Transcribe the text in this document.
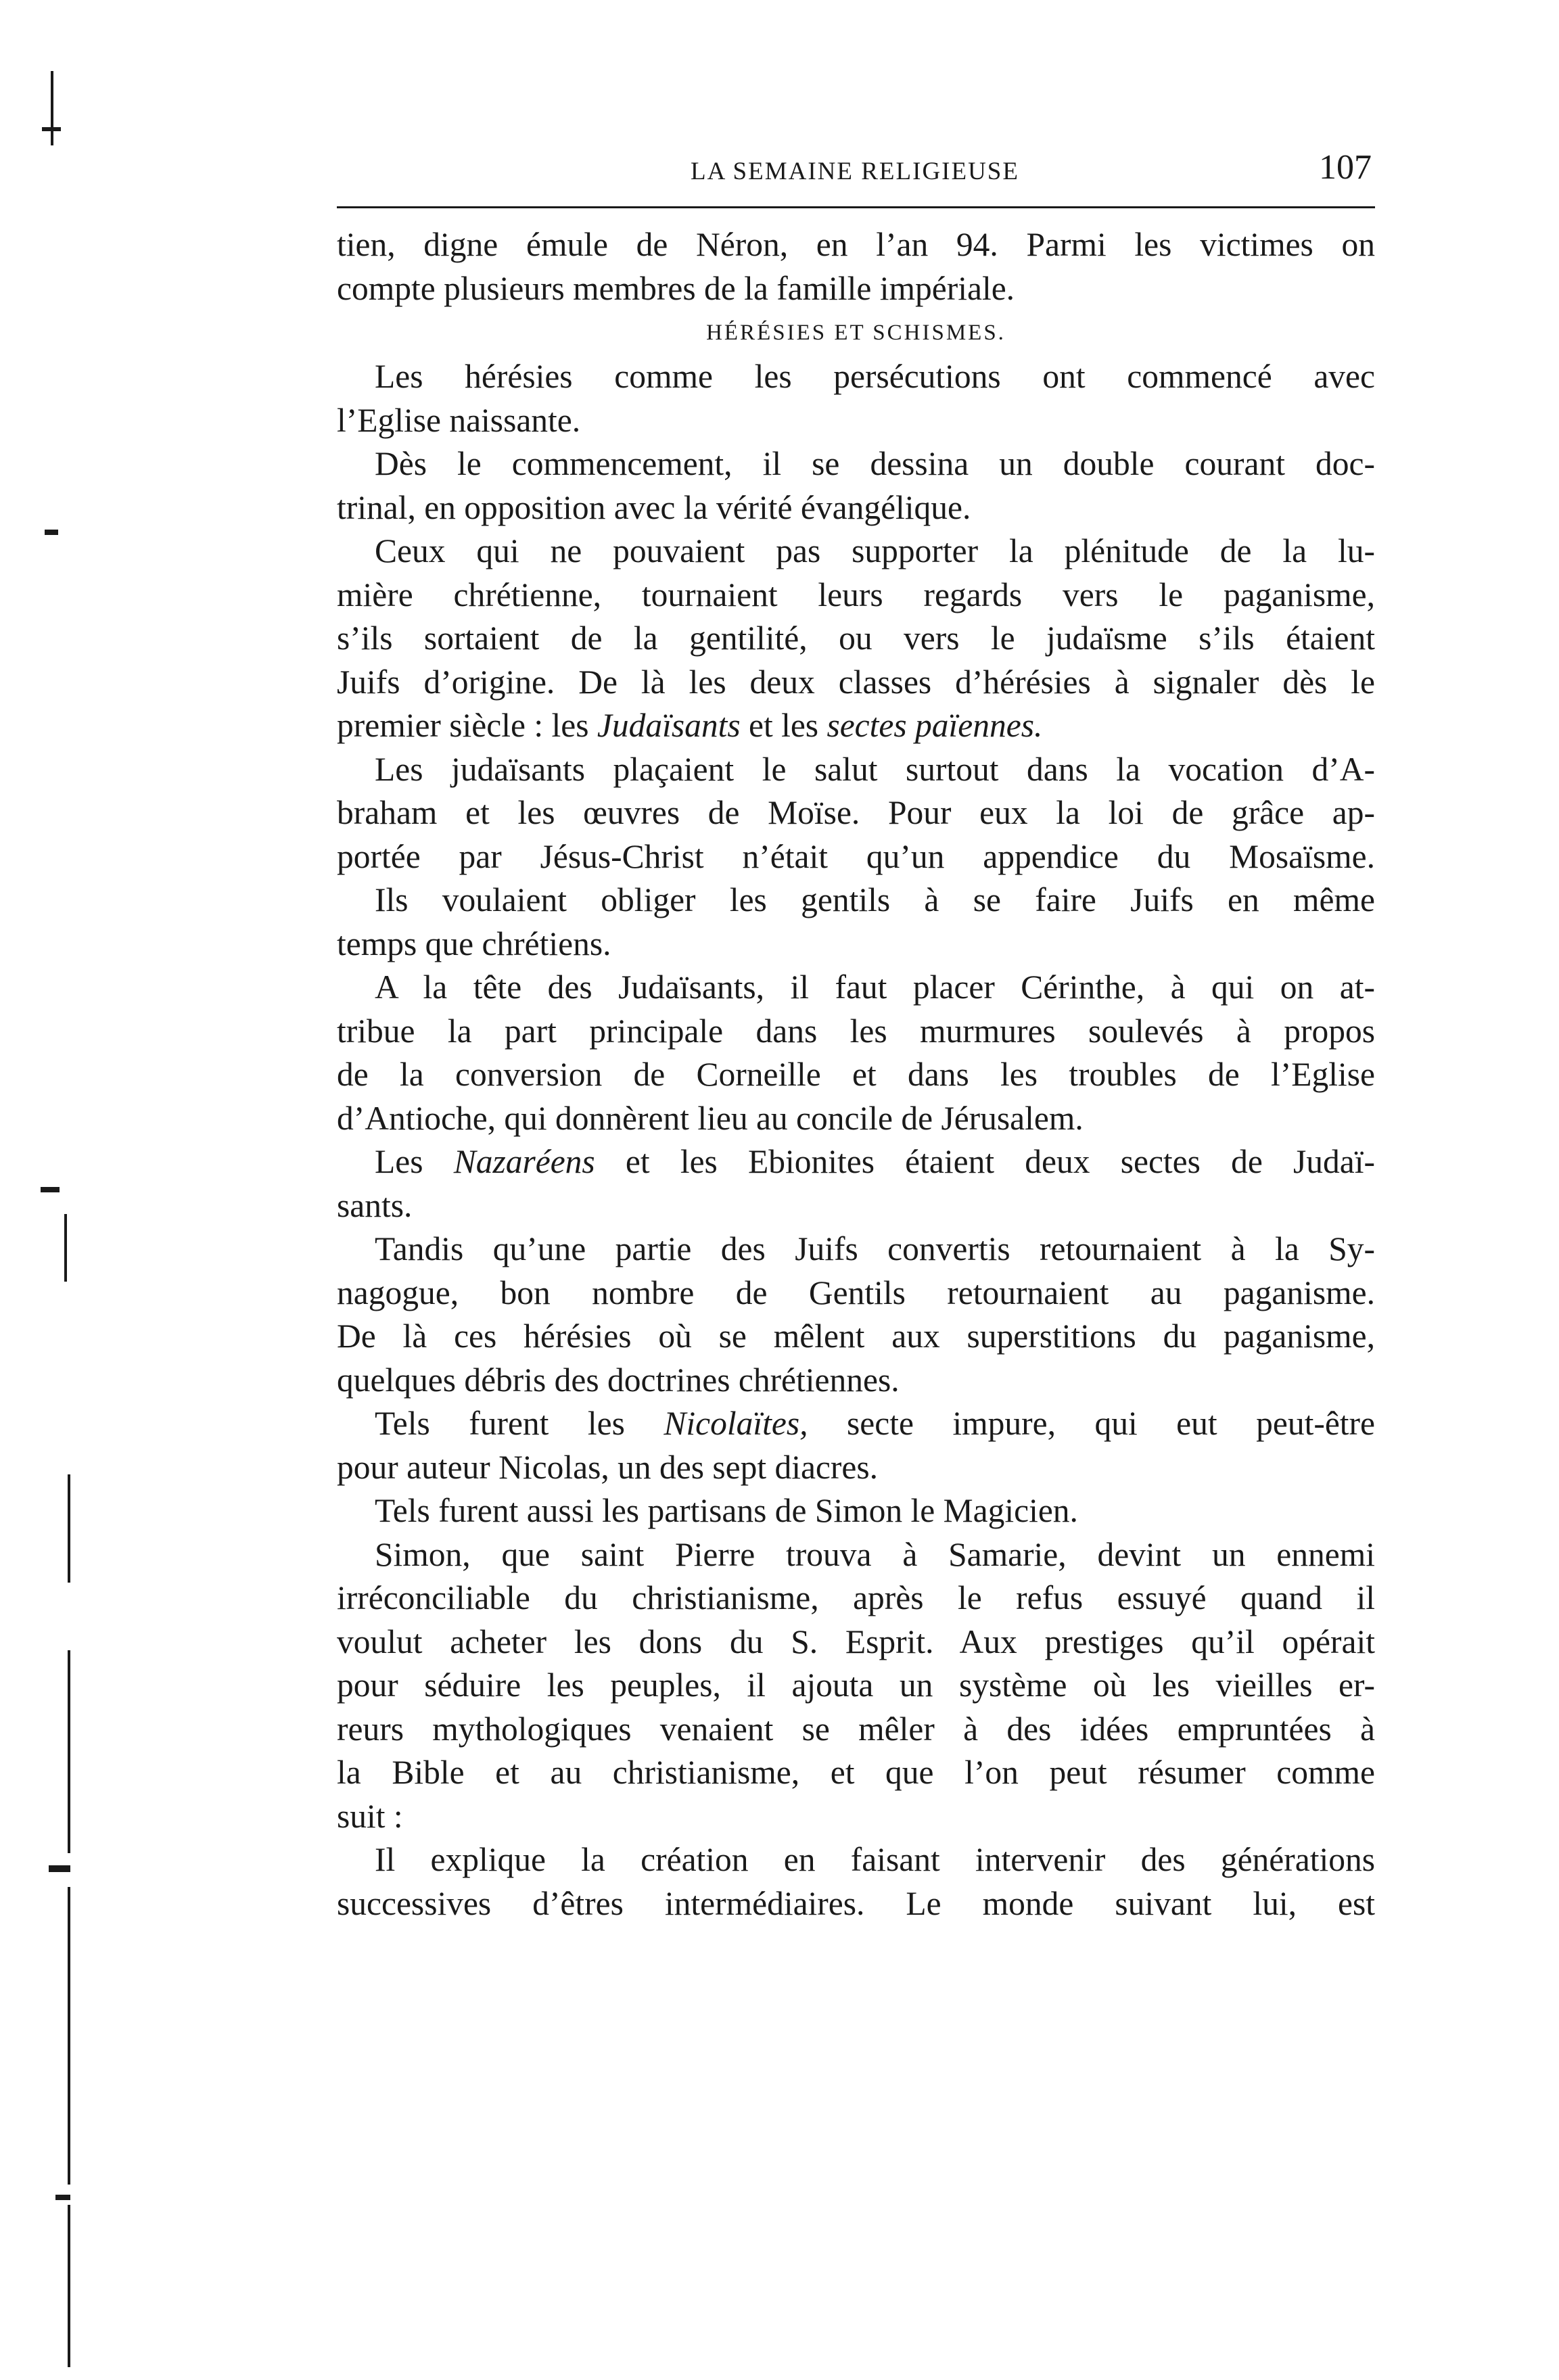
LA SEMAINE RELIGIEUSE	107

tien, digne émule de Néron, en l’an 94. Parmi les victimes on

compte plusieurs membres de la famille impériale.

HÉRÉSIES ET SCHISMES.

Les hérésies comme les persécutions ont commencé avec

l’Eglise naissante.

Dès le commencement, il se dessina un double courant doc-

trinal, en opposition avec la vérité évangélique.

Ceux qui ne pouvaient pas supporter la plénitude de la lu-

mière chrétienne, tournaient leurs regards vers le paganisme,

s’ils sortaient de la gentilité, ou vers le judaïsme s’ils étaient

Juifs d’origine. De là les deux classes d’hérésies à signaler dès le

premier siècle : les Judaïsants et les sectes païennes.

Les judaïsants plaçaient le salut surtout dans la vocation d’A-

braham et les œuvres de Moïse. Pour eux la loi de grâce ap-

portée par Jésus-Christ n’était qu’un appendice du Mosaïsme.

Ils voulaient obliger les gentils à se faire Juifs en même

temps que chrétiens.

A la tête des Judaïsants, il faut placer Cérinthe, à qui on at-

tribue la part principale dans les murmures soulevés à propos

de la conversion de Corneille et dans les troubles de l’Eglise

d’Antioche, qui donnèrent lieu au concile de Jérusalem.

Les Nazaréens et les Ebionites étaient deux sectes de Judaï-

sants.

Tandis qu’une partie des Juifs convertis retournaient à la Sy-

nagogue, bon nombre de Gentils retournaient au paganisme.

De là ces hérésies où se mêlent aux superstitions du paganisme,

quelques débris des doctrines chrétiennes.

Tels furent les Nicolaïtes, secte impure, qui eut peut-être

pour auteur Nicolas, un des sept diacres.

Tels furent aussi les partisans de Simon le Magicien.

Simon, que saint Pierre trouva à Samarie, devint un ennemi

irréconciliable du christianisme, après le refus essuyé quand il

voulut acheter les dons du S. Esprit. Aux prestiges qu’il opérait

pour séduire les peuples, il ajouta un système où les vieilles er-

reurs mythologiques venaient se mêler à des idées empruntées à

la Bible et au christianisme, et que l’on peut résumer comme

suit :

Il explique la création en faisant intervenir des générations

successives d’êtres intermédiaires. Le monde suivant lui, est
